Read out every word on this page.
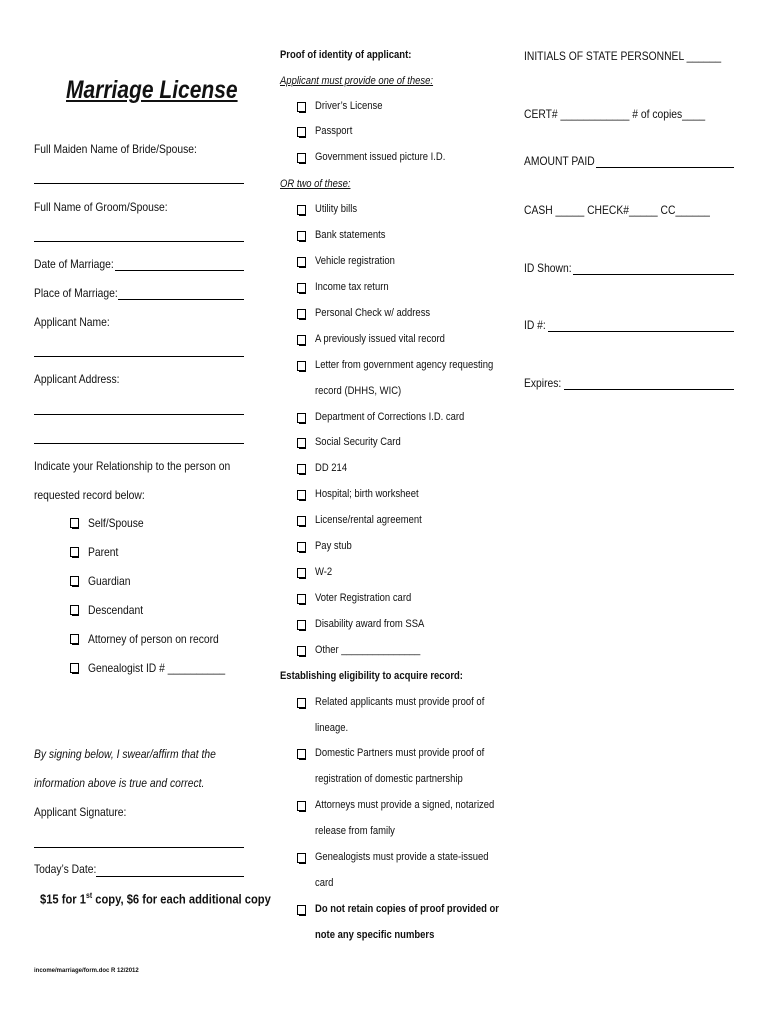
Marriage License
Full Maiden Name of Bride/Spouse:
Full Name of Groom/Spouse:
Date of Marriage:
Place of Marriage:
Applicant Name:
Applicant Address:
Indicate your Relationship to the person on
requested record below:
Self/Spouse
Parent
Guardian
Descendant
Attorney of person on record
Genealogist ID # __________
By signing below, I swear/affirm that the
information above is true and correct.
Applicant Signature:
Today’s Date:
$15 for 1st copy, $6 for each additional copy
income/marriage/form.doc R 12/2012
Proof of identity of applicant:
Applicant must provide one of these:
Driver’s License
Passport
Government issued picture I.D.
OR two of these:
Utility bills
Bank statements
Vehicle registration
Income tax return
Personal Check w/ address
A previously issued vital record
Letter from government agency requesting
record (DHHS, WIC)
Department of Corrections I.D. card
Social Security Card
DD 214
Hospital; birth worksheet
License/rental agreement
Pay stub
W-2
Voter Registration card
Disability award from SSA
Other _______________
Establishing eligibility to acquire record:
Related applicants must provide proof of
lineage.
Domestic Partners must provide proof of
registration of domestic partnership
Attorneys must provide a signed, notarized
release from family
Genealogists must provide a state-issued
card
Do not retain copies of proof provided or
note any specific numbers
INITIALS OF STATE PERSONNEL ______
CERT# ____________ # of copies____
AMOUNT PAID
CASH _____ CHECK#_____ CC______
ID Shown:
ID #:
Expires:
